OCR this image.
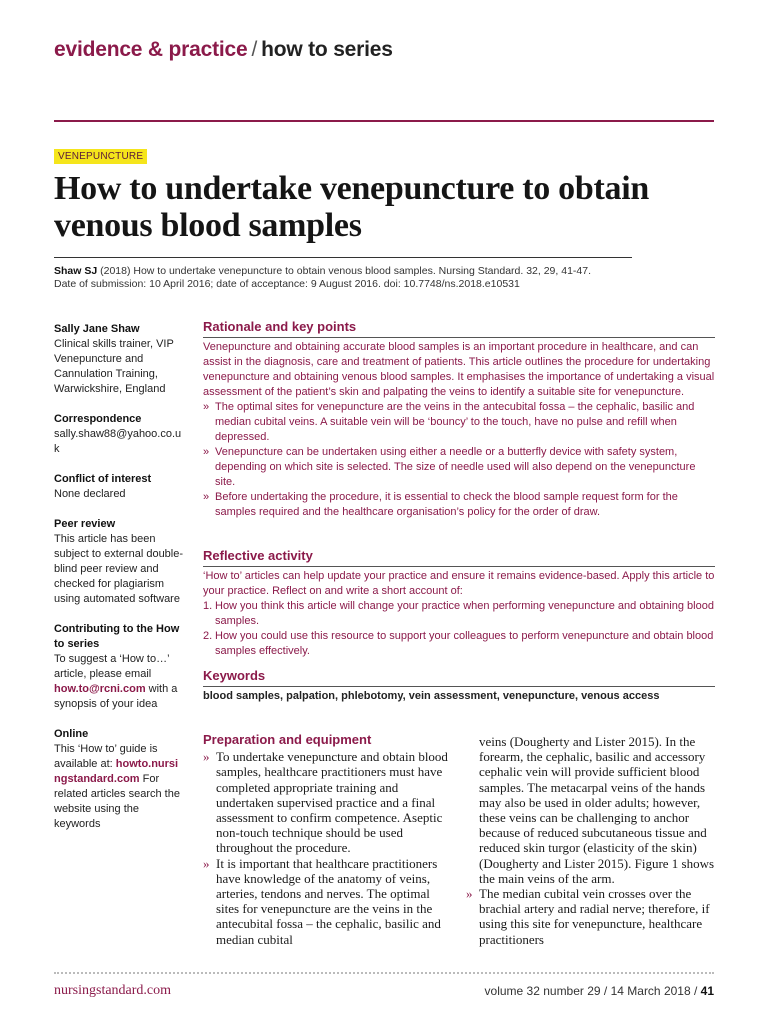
evidence & practice / how to series
VENEPUNCTURE
How to undertake venepuncture to obtain venous blood samples
Shaw SJ (2018) How to undertake venepuncture to obtain venous blood samples. Nursing Standard. 32, 29, 41-47.
Date of submission: 10 April 2016; date of acceptance: 9 August 2016. doi: 10.7748/ns.2018.e10531
Sally Jane Shaw
Clinical skills trainer, VIP Venepuncture and Cannulation Training, Warwickshire, England
Correspondence
sally.shaw88@yahoo.co.uk
Conflict of interest
None declared
Peer review
This article has been subject to external double-blind peer review and checked for plagiarism using automated software
Contributing to the How to series
To suggest a ‘How to…’ article, please email how.to@rcni.com with a synopsis of your idea
Online
This ‘How to’ guide is available at: howto.nursingstandard.com For related articles search the website using the keywords
Rationale and key points
Venepuncture and obtaining accurate blood samples is an important procedure in healthcare, and can assist in the diagnosis, care and treatment of patients. This article outlines the procedure for undertaking venepuncture and obtaining venous blood samples. It emphasises the importance of undertaking a visual assessment of the patient’s skin and palpating the veins to identify a suitable site for venepuncture.
» The optimal sites for venepuncture are the veins in the antecubital fossa – the cephalic, basilic and median cubital veins. A suitable vein will be ‘bouncy’ to the touch, have no pulse and refill when depressed.
» Venepuncture can be undertaken using either a needle or a butterfly device with safety system, depending on which site is selected. The size of needle used will also depend on the venepuncture site.
» Before undertaking the procedure, it is essential to check the blood sample request form for the samples required and the healthcare organisation’s policy for the order of draw.
Reflective activity
‘How to’ articles can help update your practice and ensure it remains evidence-based. Apply this article to your practice. Reflect on and write a short account of:
1. How you think this article will change your practice when performing venepuncture and obtaining blood samples.
2. How you could use this resource to support your colleagues to perform venepuncture and obtain blood samples effectively.
Keywords
blood samples, palpation, phlebotomy, vein assessment, venepuncture, venous access
Preparation and equipment
» To undertake venepuncture and obtain blood samples, healthcare practitioners must have completed appropriate training and undertaken supervised practice and a final assessment to confirm competence. Aseptic non-touch technique should be used throughout the procedure.
» It is important that healthcare practitioners have knowledge of the anatomy of veins, arteries, tendons and nerves. The optimal sites for venepuncture are the veins in the antecubital fossa – the cephalic, basilic and median cubital
veins (Dougherty and Lister 2015). In the forearm, the cephalic, basilic and accessory cephalic vein will provide sufficient blood samples. The metacarpal veins of the hands may also be used in older adults; however, these veins can be challenging to anchor because of reduced subcutaneous tissue and reduced skin turgor (elasticity of the skin) (Dougherty and Lister 2015). Figure 1 shows the main veins of the arm.
» The median cubital vein crosses over the brachial artery and radial nerve; therefore, if using this site for venepuncture, healthcare practitioners
nursingstandard.com	volume 32 number 29 / 14 March 2018 / 41
